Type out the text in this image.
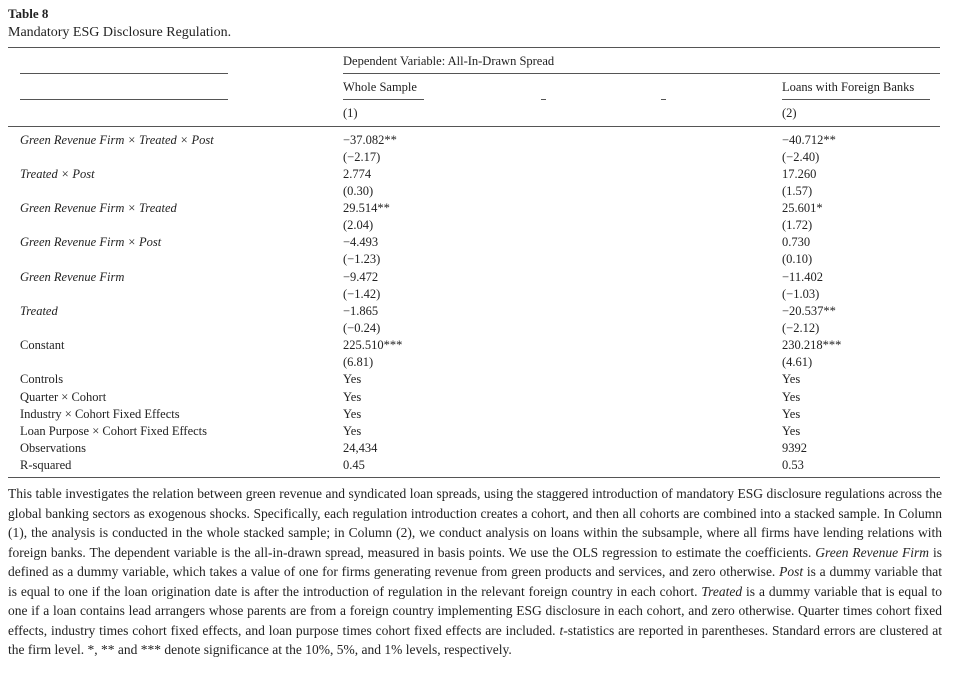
Table 8
Mandatory ESG Disclosure Regulation.
Dependent Variable: All-In-Drawn Spread
Whole Sample	Loans with Foreign Banks
(1)	(2)
Green Revenue Firm × Treated × Post	−37.082**	−40.712**
(−2.17)	(−2.40)
Treated × Post	2.774	17.260
(0.30)	(1.57)
Green Revenue Firm × Treated	29.514**	25.601*
(2.04)	(1.72)
Green Revenue Firm × Post	−4.493	0.730
(−1.23)	(0.10)
Green Revenue Firm	−9.472	−11.402
(−1.42)	(−1.03)
Treated	−1.865	−20.537**
(−0.24)	(−2.12)
Constant	225.510***	230.218***
(6.81)	(4.61)
Controls	Yes	Yes
Quarter × Cohort	Yes	Yes
Industry × Cohort Fixed Effects	Yes	Yes
Loan Purpose × Cohort Fixed Effects	Yes	Yes
Observations	24,434	9392
R-squared	0.45	0.53
This table investigates the relation between green revenue and syndicated loan spreads, using the staggered introduction of mandatory ESG disclosure regulations across the global banking sectors as exogenous shocks. Specifically, each regulation introduction creates a cohort, and then all cohorts are combined into a stacked sample. In Column (1), the analysis is conducted in the whole stacked sample; in Column (2), we conduct analysis on loans within the subsample, where all firms have lending relations with foreign banks. The dependent variable is the all-in-drawn spread, measured in basis points. We use the OLS regression to estimate the coefficients. Green Revenue Firm is defined as a dummy variable, which takes a value of one for firms generating revenue from green products and services, and zero otherwise. Post is a dummy variable that is equal to one if the loan origination date is after the introduction of regulation in the relevant foreign country in each cohort. Treated is a dummy variable that is equal to one if a loan contains lead arrangers whose parents are from a foreign country implementing ESG disclosure in each cohort, and zero otherwise. Quarter times cohort fixed effects, industry times cohort fixed effects, and loan purpose times cohort fixed effects are included. t-statistics are reported in parentheses. Standard errors are clustered at the firm level. *, ** and *** denote significance at the 10%, 5%, and 1% levels, respectively.
